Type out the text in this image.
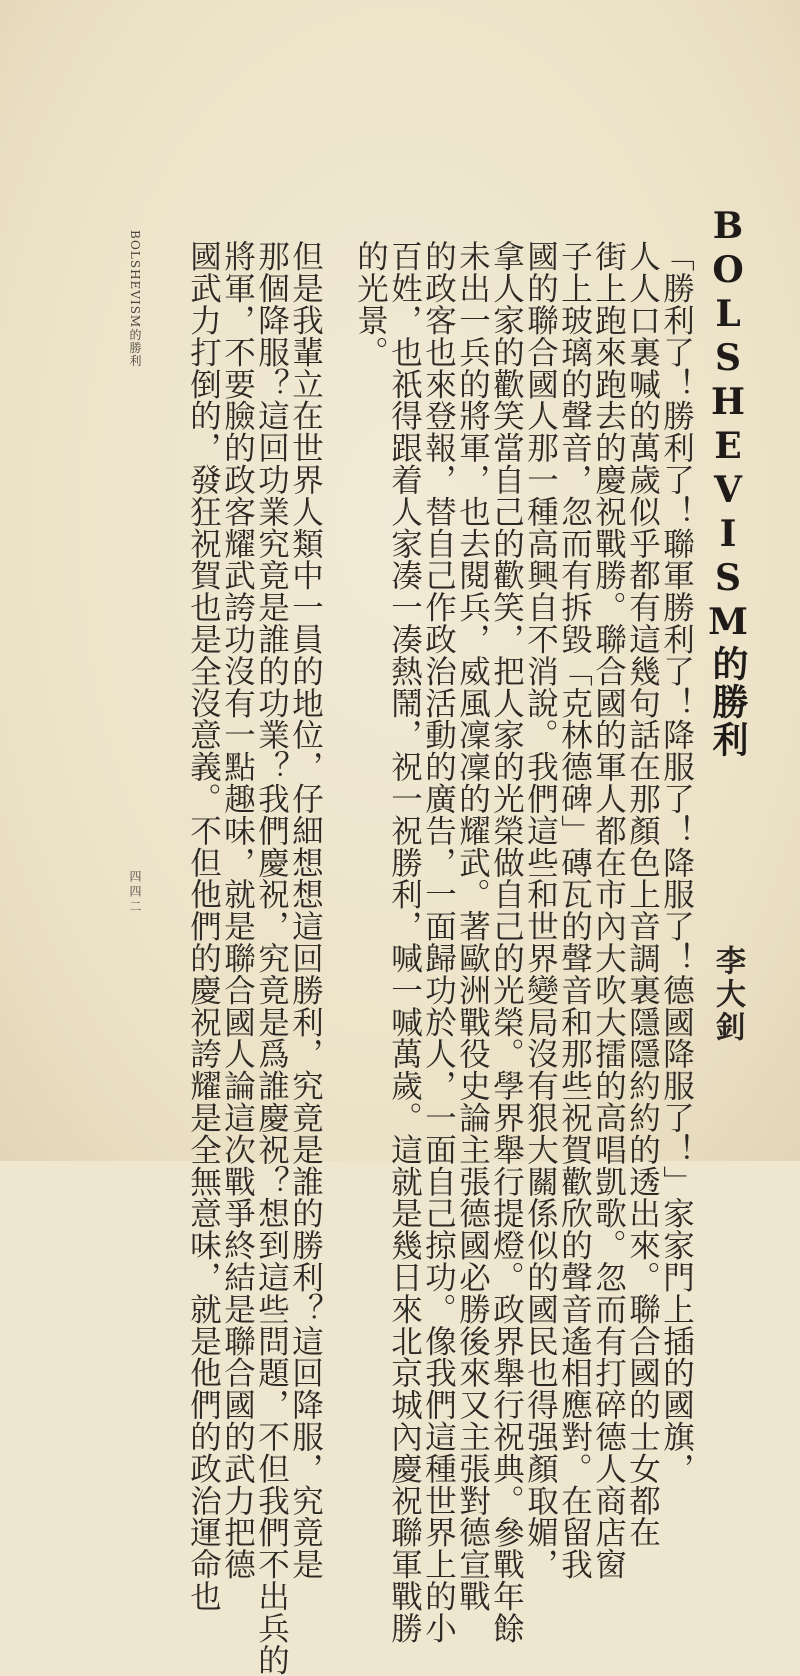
BOLSHEVISM的勝利
李大釗
「勝利了！勝利了！聯軍勝利了！降服了！降服了！德國降服了！」家家門上插的國旗，
人人口裏喊的萬歲似乎都有這幾句話在那顏色上音調裏隱隱約約的透出來。聯合國的士女都在
街上跑來跑去的慶祝戰勝。聯合國的軍人都在市內大吹大擂的高唱凱歌。忽而有打碎德人商店窗
子上玻璃的聲音，忽而有拆毀「克林德碑」磚瓦的聲音和那些祝賀歡欣的聲音遙相應對。在留我
國的聯合國人那一種高興自不消說。我們這些和世界變局沒有狠大關係似的國民也得强顏取媚，
拿人家的歡笑當自己的歡笑，把人家的光榮做自己的光榮。學界舉行提燈。政界舉行祝典。參戰年餘
未出一兵的將軍，也去閱兵，威風凜凜的耀武。著歐洲戰役史論主張德國必勝後來又主張對德宣戰
的政客也來登報，替自己作政治活動的廣告，一面歸功於人，一面自己掠功。像我們這種世界上的小
百姓，也祇得跟着人家凑一凑熱鬧，祝一祝勝利，喊一喊萬歲。這就是幾日來北京城內慶祝聯軍戰勝
的光景。
但是我輩立在世界人類中一員的地位，仔細想想這回勝利，究竟是誰的勝利？這回降服，究竟是
那個降服？這回功業究竟是誰的功業？我們慶祝，究竟是爲誰慶祝？想到這些問題，不但我們不出兵的
將軍，不要臉的政客耀武誇功沒有一點趣味，就是聯合國人論這次戰爭終結是聯合國的武力把德
國武力打倒的，發狂祝賀也是全沒意義。不但他們的慶祝誇耀是全無意味，就是他們的政治運命也
BOLSHEVISM的勝利
四四二
